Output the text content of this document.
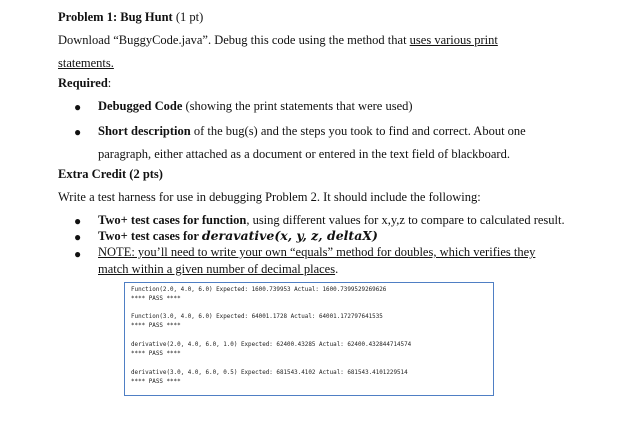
Problem 1: Bug Hunt (1 pt)
Download “BuggyCode.java”. Debug this code using the method that uses various print
statements.
Required:
● Debugged Code (showing the print statements that were used)
● Short description of the bug(s) and the steps you took to find and correct. About one
paragraph, either attached as a document or entered in the text field of blackboard.
Extra Credit (2 pts)
Write a test harness for use in debugging Problem 2. It should include the following:
● Two+ test cases for function, using different values for x,y,z to compare to calculated result.
● Two+ test cases for deravative(x, y, z, deltaX)
● NOTE: you’ll need to write your own “equals” method for doubles, which verifies they
match within a given number of decimal places.
Function(2.0, 4.0, 6.0) Expected: 1600.739953 Actual: 1600.7399529269626
**** PASS ****
Function(3.0, 4.0, 6.0) Expected: 64001.1728 Actual: 64001.172797641535
**** PASS ****
derivative(2.0, 4.0, 6.0, 1.0) Expected: 62400.43285 Actual: 62400.432844714574
**** PASS ****
derivative(3.0, 4.0, 6.0, 0.5) Expected: 681543.4102 Actual: 681543.4101229514
**** PASS ****
